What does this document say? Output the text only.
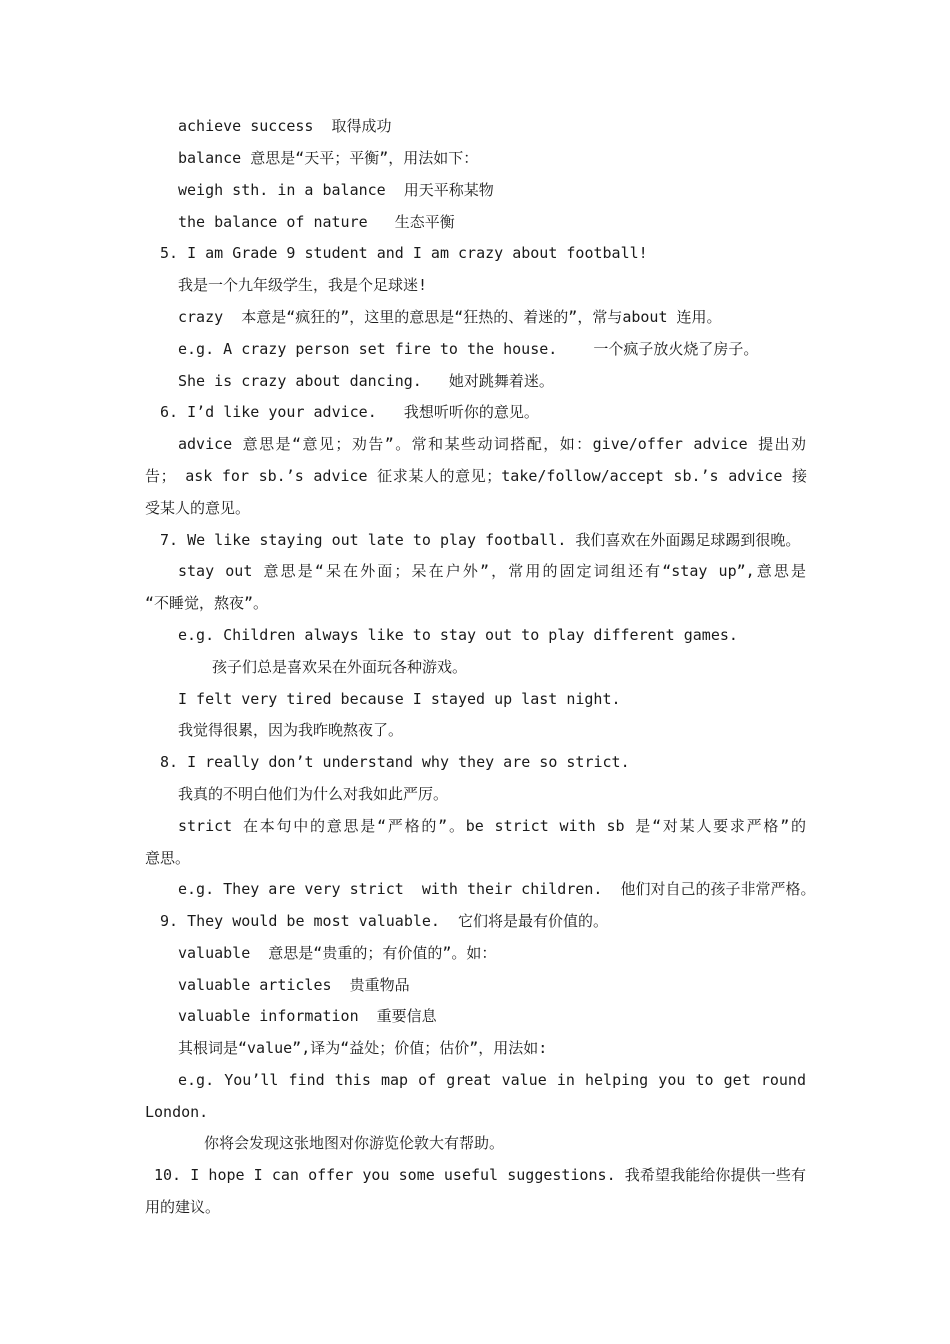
achieve success  取得成功
balance 意思是“天平；平衡”，用法如下：
weigh sth. in a balance  用天平称某物
the balance of nature   生态平衡
5. I am Grade 9 student and I am crazy about football!
我是一个九年级学生，我是个足球迷!
crazy  本意是“疯狂的”，这里的意思是“狂热的、着迷的”，常与about 连用。
e.g. A crazy person set fire to the house.    一个疯子放火烧了房子。
She is crazy about dancing.   她对跳舞着迷。
6. I’d like your advice.   我想听听你的意见。
advice 意思是“意见；劝告”。常和某些动词搭配，如：give/offer advice 提出劝
告； ask for sb.’s advice 征求某人的意见；take/follow/accept sb.’s advice 接
受某人的意见。
7. We like staying out late to play football. 我们喜欢在外面踢足球踢到很晚。
stay out 意思是“呆在外面；呆在户外”，常用的固定词组还有“stay up”,意思是
“不睡觉，熬夜”。
e.g. Children always like to stay out to play different games.
孩子们总是喜欢呆在外面玩各种游戏。
I felt very tired because I stayed up last night.
我觉得很累，因为我昨晚熬夜了。
8. I really don’t understand why they are so strict.
我真的不明白他们为什么对我如此严厉。
strict 在本句中的意思是“严格的”。be strict with sb 是“对某人要求严格”的
意思。
e.g. They are very strict  with their children.  他们对自己的孩子非常严格。
9. They would be most valuable.  它们将是最有价值的。
valuable  意思是“贵重的；有价值的”。如：
valuable articles  贵重物品
valuable information  重要信息
其根词是“value”,译为“益处；价值；估价”，用法如:
e.g. You’ll find this map of great value in helping you to get round
London.
你将会发现这张地图对你游览伦敦大有帮助。
10. I hope I can offer you some useful suggestions. 我希望我能给你提供一些有
用的建议。
